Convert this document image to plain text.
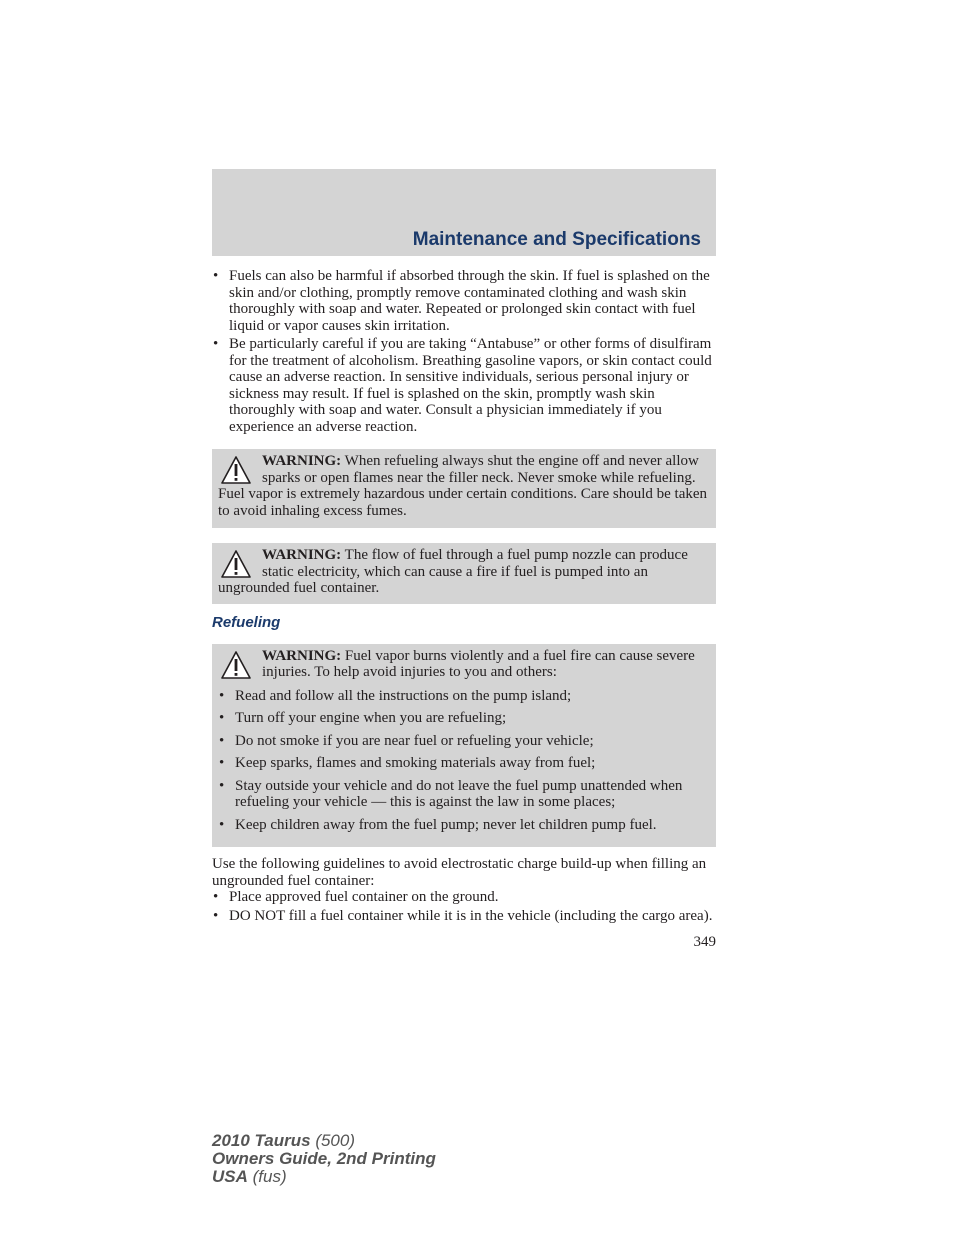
Maintenance and Specifications
• Fuels can also be harmful if absorbed through the skin. If fuel is splashed on the skin and/or clothing, promptly remove contaminated clothing and wash skin thoroughly with soap and water. Repeated or prolonged skin contact with fuel liquid or vapor causes skin irritation.
• Be particularly careful if you are taking “Antabuse” or other forms of disulfiram for the treatment of alcoholism. Breathing gasoline vapors, or skin contact could cause an adverse reaction. In sensitive individuals, serious personal injury or sickness may result. If fuel is splashed on the skin, promptly wash skin thoroughly with soap and water. Consult a physician immediately if you experience an adverse reaction.
WARNING: When refueling always shut the engine off and never allow sparks or open flames near the filler neck. Never smoke while refueling. Fuel vapor is extremely hazardous under certain conditions. Care should be taken to avoid inhaling excess fumes.
WARNING: The flow of fuel through a fuel pump nozzle can produce static electricity, which can cause a fire if fuel is pumped into an ungrounded fuel container.
Refueling
WARNING: Fuel vapor burns violently and a fuel fire can cause severe injuries. To help avoid injuries to you and others:
• Read and follow all the instructions on the pump island;
• Turn off your engine when you are refueling;
• Do not smoke if you are near fuel or refueling your vehicle;
• Keep sparks, flames and smoking materials away from fuel;
• Stay outside your vehicle and do not leave the fuel pump unattended when refueling your vehicle — this is against the law in some places;
• Keep children away from the fuel pump; never let children pump fuel.
Use the following guidelines to avoid electrostatic charge build-up when filling an ungrounded fuel container:
• Place approved fuel container on the ground.
• DO NOT fill a fuel container while it is in the vehicle (including the cargo area).
349
2010 Taurus (500)
Owners Guide, 2nd Printing
USA (fus)
